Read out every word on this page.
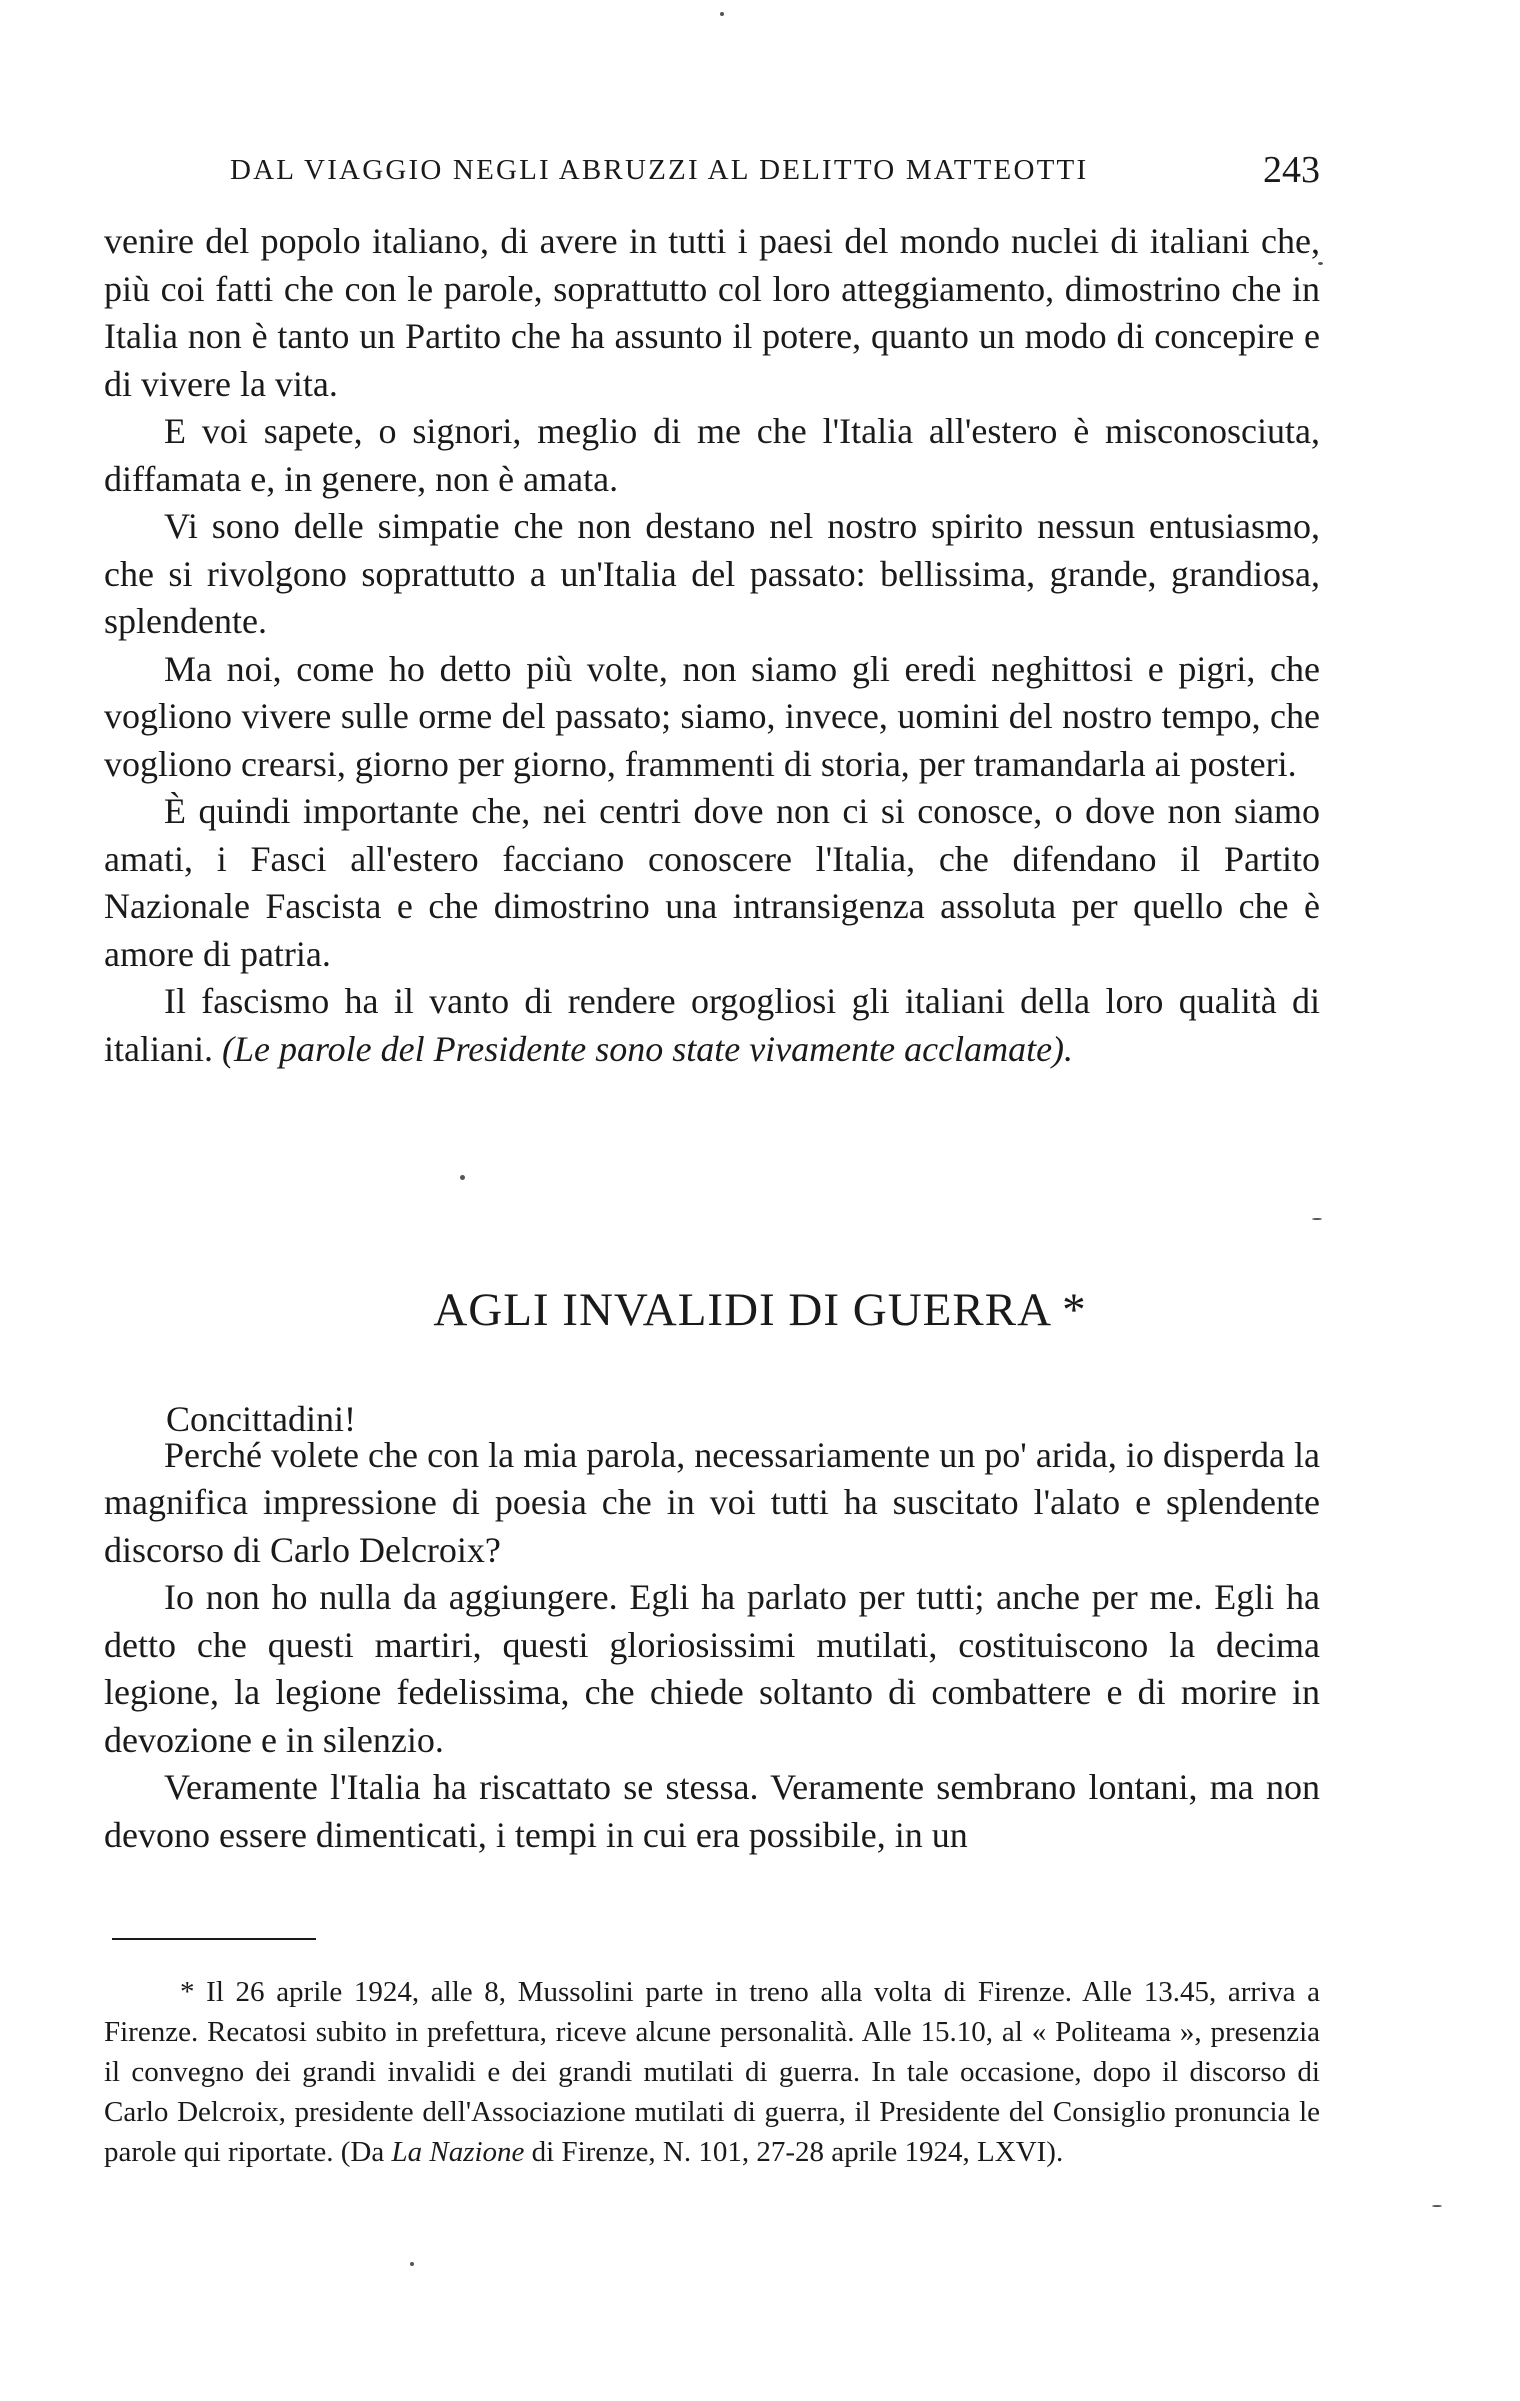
DAL VIAGGIO NEGLI ABRUZZI AL DELITTO MATTEOTTI	243

venire del popolo italiano, di avere in tutti i paesi del mondo nuclei di italiani che, più coi fatti che con le parole, soprattutto col loro atteggiamento, dimostrino che in Italia non è tanto un Partito che ha assunto il potere, quanto un modo di concepire e di vivere la vita.

E voi sapete, o signori, meglio di me che l'Italia all'estero è misconosciuta, diffamata e, in genere, non è amata.

Vi sono delle simpatie che non destano nel nostro spirito nessun entusiasmo, che si rivolgono soprattutto a un'Italia del passato: bellissima, grande, grandiosa, splendente.

Ma noi, come ho detto più volte, non siamo gli eredi neghittosi e pigri, che vogliono vivere sulle orme del passato; siamo, invece, uomini del nostro tempo, che vogliono crearsi, giorno per giorno, frammenti di storia, per tramandarla ai posteri.

È quindi importante che, nei centri dove non ci si conosce, o dove non siamo amati, i Fasci all'estero facciano conoscere l'Italia, che difendano il Partito Nazionale Fascista e che dimostrino una intransigenza assoluta per quello che è amore di patria.

Il fascismo ha il vanto di rendere orgogliosi gli italiani della loro qualità di italiani. (Le parole del Presidente sono state vivamente acclamate).

AGLI INVALIDI DI GUERRA *
Concittadini!

Perché volete che con la mia parola, necessariamente un po' arida, io disperda la magnifica impressione di poesia che in voi tutti ha suscitato l'alato e splendente discorso di Carlo Delcroix?

Io non ho nulla da aggiungere. Egli ha parlato per tutti; anche per me. Egli ha detto che questi martiri, questi gloriosissimi mutilati, costituiscono la decima legione, la legione fedelissima, che chiede soltanto di combattere e di morire in devozione e in silenzio.

Veramente l'Italia ha riscattato se stessa. Veramente sembrano lontani, ma non devono essere dimenticati, i tempi in cui era possibile, in un

* Il 26 aprile 1924, alle 8, Mussolini parte in treno alla volta di Firenze. Alle 13.45, arriva a Firenze. Recatosi subito in prefettura, riceve alcune personalità. Alle 15.10, al « Politeama », presenzia il convegno dei grandi invalidi e dei grandi mutilati di guerra. In tale occasione, dopo il discorso di Carlo Delcroix, presidente dell'Associazione mutilati di guerra, il Presidente del Consiglio pronuncia le parole qui riportate. (Da La Nazione di Firenze, N. 101, 27-28 aprile 1924, LXVI).
